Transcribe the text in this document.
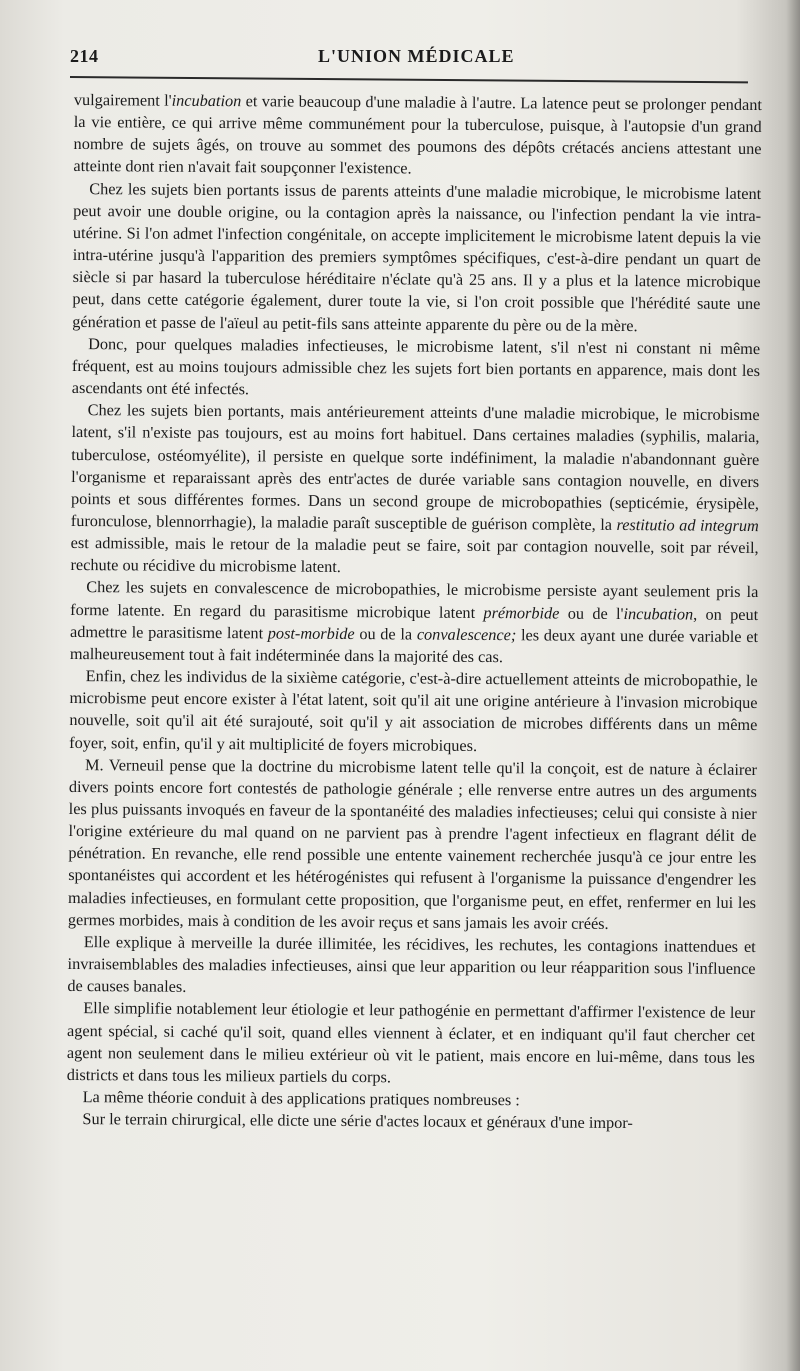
214	L'UNION MÉDICALE

vulgairement l'incubation et varie beaucoup d'une maladie à l'autre. La latence peut se prolonger pendant la vie entière, ce qui arrive même communément pour la tuberculose, puisque, à l'autopsie d'un grand nombre de sujets âgés, on trouve au sommet des poumons des dépôts crétacés anciens attestant une atteinte dont rien n'avait fait soupçonner l'existence.

Chez les sujets bien portants issus de parents atteints d'une maladie microbique, le microbisme latent peut avoir une double origine, ou la contagion après la naissance, ou l'infection pendant la vie intra-utérine. Si l'on admet l'infection congénitale, on accepte implicitement le microbisme latent depuis la vie intra-utérine jusqu'à l'apparition des premiers symptômes spécifiques, c'est-à-dire pendant un quart de siècle si par hasard la tuberculose héréditaire n'éclate qu'à 25 ans. Il y a plus et la latence microbique peut, dans cette catégorie également, durer toute la vie, si l'on croit possible que l'hérédité saute une génération et passe de l'aïeul au petit-fils sans atteinte apparente du père ou de la mère.

Donc, pour quelques maladies infectieuses, le microbisme latent, s'il n'est ni constant ni même fréquent, est au moins toujours admissible chez les sujets fort bien portants en apparence, mais dont les ascendants ont été infectés.

Chez les sujets bien portants, mais antérieurement atteints d'une maladie microbique, le microbisme latent, s'il n'existe pas toujours, est au moins fort habituel. Dans certaines maladies (syphilis, malaria, tuberculose, ostéomyélite), il persiste en quelque sorte indéfiniment, la maladie n'abandonnant guère l'organisme et reparaissant après des entr'actes de durée variable sans contagion nouvelle, en divers points et sous différentes formes. Dans un second groupe de microbopathies (septicémie, érysipèle, furonculose, blennorrhagie), la maladie paraît susceptible de guérison complète, la restitutio ad integrum est admissible, mais le retour de la maladie peut se faire, soit par contagion nouvelle, soit par réveil, rechute ou récidive du microbisme latent.

Chez les sujets en convalescence de microbopathies, le microbisme persiste ayant seulement pris la forme latente. En regard du parasitisme microbique latent prémorbide ou de l'incubation, on peut admettre le parasitisme latent post-morbide ou de la convalescence; les deux ayant une durée variable et malheureusement tout à fait indéterminée dans la majorité des cas.

Enfin, chez les individus de la sixième catégorie, c'est-à-dire actuellement atteints de microbopathie, le microbisme peut encore exister à l'état latent, soit qu'il ait une origine antérieure à l'invasion microbique nouvelle, soit qu'il ait été surajouté, soit qu'il y ait association de microbes différents dans un même foyer, soit, enfin, qu'il y ait multiplicité de foyers microbiques.

M. Verneuil pense que la doctrine du microbisme latent telle qu'il la conçoit, est de nature à éclairer divers points encore fort contestés de pathologie générale ; elle renverse entre autres un des arguments les plus puissants invoqués en faveur de la spontanéité des maladies infectieuses; celui qui consiste à nier l'origine extérieure du mal quand on ne parvient pas à prendre l'agent infectieux en flagrant délit de pénétration. En revanche, elle rend possible une entente vainement recherchée jusqu'à ce jour entre les spontanéistes qui accordent et les hétérogénistes qui refusent à l'organisme la puissance d'engendrer les maladies infectieuses, en formulant cette proposition, que l'organisme peut, en effet, renfermer en lui les germes morbides, mais à condition de les avoir reçus et sans jamais les avoir créés.

Elle explique à merveille la durée illimitée, les récidives, les rechutes, les contagions inattendues et invraisemblables des maladies infectieuses, ainsi que leur apparition ou leur réapparition sous l'influence de causes banales.

Elle simplifie notablement leur étiologie et leur pathogénie en permettant d'affirmer l'existence de leur agent spécial, si caché qu'il soit, quand elles viennent à éclater, et en indiquant qu'il faut chercher cet agent non seulement dans le milieu extérieur où vit le patient, mais encore en lui-même, dans tous les districts et dans tous les milieux partiels du corps.

La même théorie conduit à des applications pratiques nombreuses :

Sur le terrain chirurgical, elle dicte une série d'actes locaux et généraux d'une impor-
